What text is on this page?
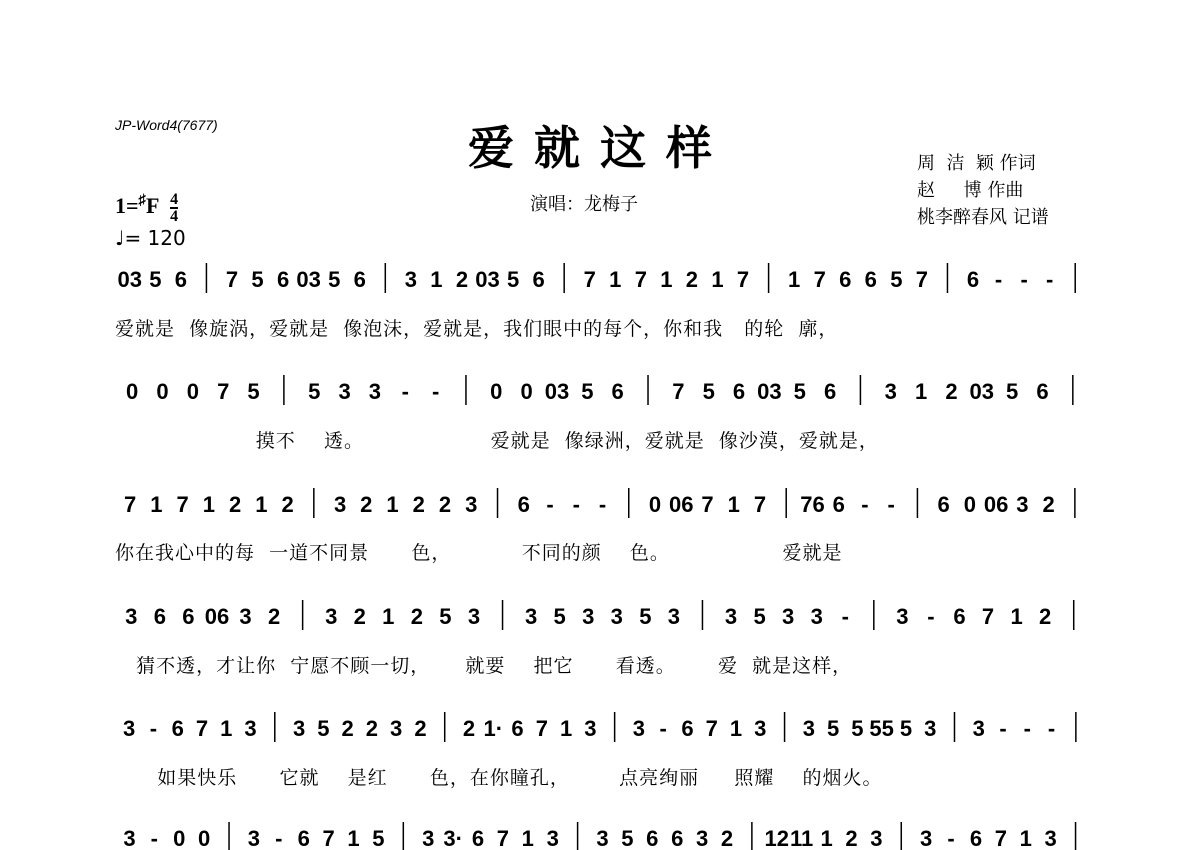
JP-Word4(7677)	爱就这样
演唱：龙梅子
周  洁  颖 作词
赵     博 作曲
桃李醉春风 记谱
$1=^♯F \frac{4}{4}$
♩= 120
03 5 6 7 5 6 03 5 6 3 1 2 03 5 6 7 1 7 1 2 1 7 1 7 6 6 5 7 6 - - -
0 0 0 7 5 5 3 3 - - 0 0 03 5 6 7 5 6 03 5 6 3 1 2 03 5 6
7 1 7 1 2 1 2 3 2 1 2 2 3 6 - - - 0 06 7 1 7 76 6 - - 6 0 06 3 2
3 6 6 06 3 2 3 2 1 2 5 3 3 5 3 3 5 3 3 5 3 3 - 3 - 6 7 1 2
3 - 6 7 1 3 3 5 2 2 3 2 2 1· 6 7 1 3 3 - 6 7 1 3 3 5 5 55 5 3 3 - - -
3 - 0 0 3 - 6 7 1 5 3 3· 6 7 1 3 3 5 6 6 3 2 12 11 1 2 3 3 - 6 7 1 3
爱就是  像旋涡，爱就是  像泡沫，爱就是，我们眼中的每个，你和我   的轮  廓，
摸不    透。                  爱就是  像绿洲，爱就是  像沙漠，爱就是，
你在我心中的每  一道不同景      色，          不同的颜    色。                爱就是
猜不透，才让你  宁愿不顾一切，     就要    把它      看透。      爱  就是这样，
如果快乐      它就    是红      色，在你瞳孔，       点亮绚丽     照耀    的烟火。
